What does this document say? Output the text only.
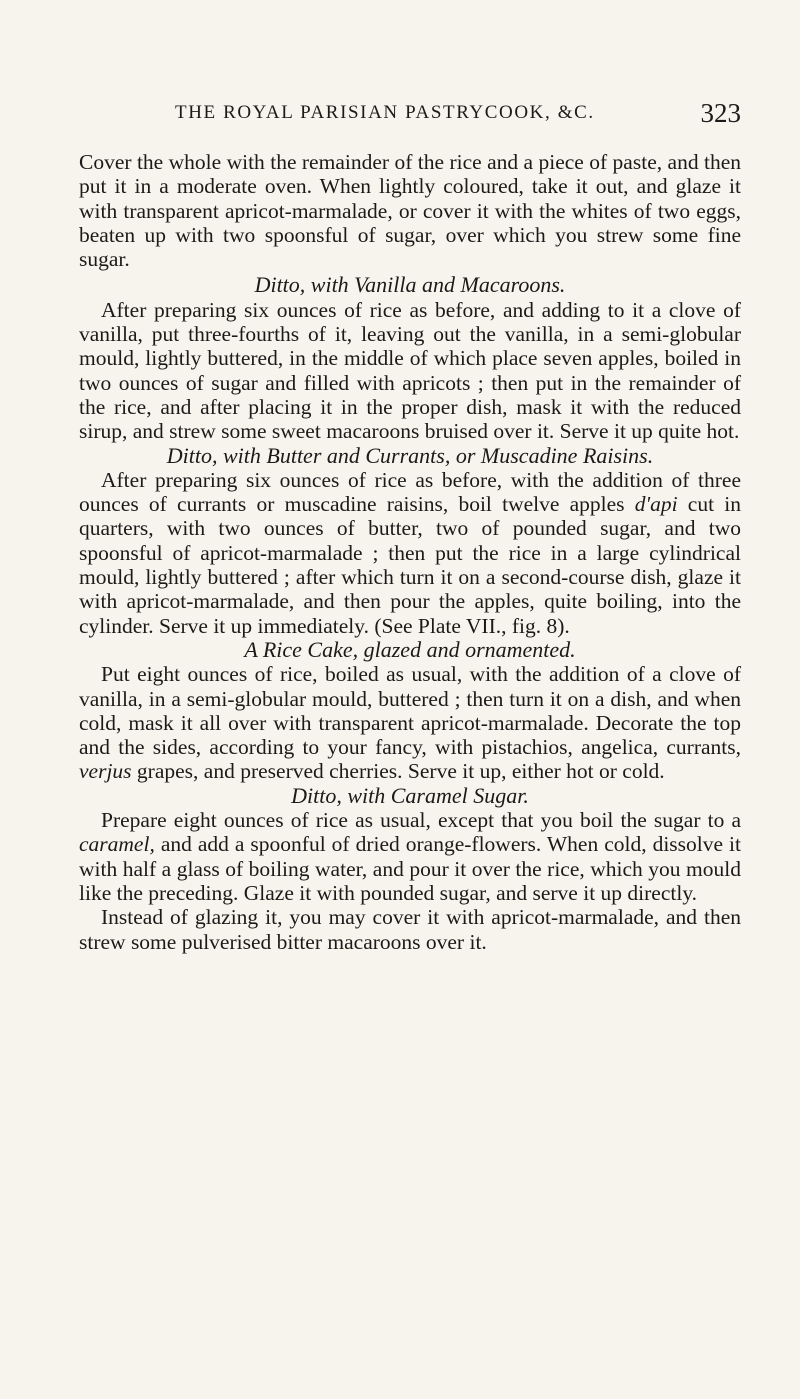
THE ROYAL PARISIAN PASTRYCOOK, &C.	323

Cover the whole with the remainder of the rice and a piece of paste, and then put it in a moderate oven. When lightly coloured, take it out, and glaze it with transparent apricot-marmalade, or cover it with the whites of two eggs, beaten up with two spoonsful of sugar, over which you strew some fine sugar.

Ditto, with Vanilla and Macaroons.

After preparing six ounces of rice as before, and adding to it a clove of vanilla, put three-fourths of it, leaving out the vanilla, in a semi-globular mould, lightly buttered, in the middle of which place seven apples, boiled in two ounces of sugar and filled with apricots ; then put in the remainder of the rice, and after placing it in the proper dish, mask it with the reduced sirup, and strew some sweet macaroons bruised over it. Serve it up quite hot.

Ditto, with Butter and Currants, or Muscadine Raisins.

After preparing six ounces of rice as before, with the addition of three ounces of currants or muscadine raisins, boil twelve apples d'api cut in quarters, with two ounces of butter, two of pounded sugar, and two spoonsful of apricot-marmalade ; then put the rice in a large cylindrical mould, lightly buttered ; after which turn it on a second-course dish, glaze it with apricot-marmalade, and then pour the apples, quite boiling, into the cylinder. Serve it up immediately. (See Plate VII., fig. 8).

A Rice Cake, glazed and ornamented.

Put eight ounces of rice, boiled as usual, with the addition of a clove of vanilla, in a semi-globular mould, buttered ; then turn it on a dish, and when cold, mask it all over with transparent apricot-marmalade. Decorate the top and the sides, according to your fancy, with pistachios, angelica, currants, verjus grapes, and preserved cherries. Serve it up, either hot or cold.

Ditto, with Caramel Sugar.

Prepare eight ounces of rice as usual, except that you boil the sugar to a caramel, and add a spoonful of dried orange-flowers. When cold, dissolve it with half a glass of boiling water, and pour it over the rice, which you mould like the preceding. Glaze it with pounded sugar, and serve it up directly.

Instead of glazing it, you may cover it with apricot-marmalade, and then strew some pulverised bitter macaroons over it.
